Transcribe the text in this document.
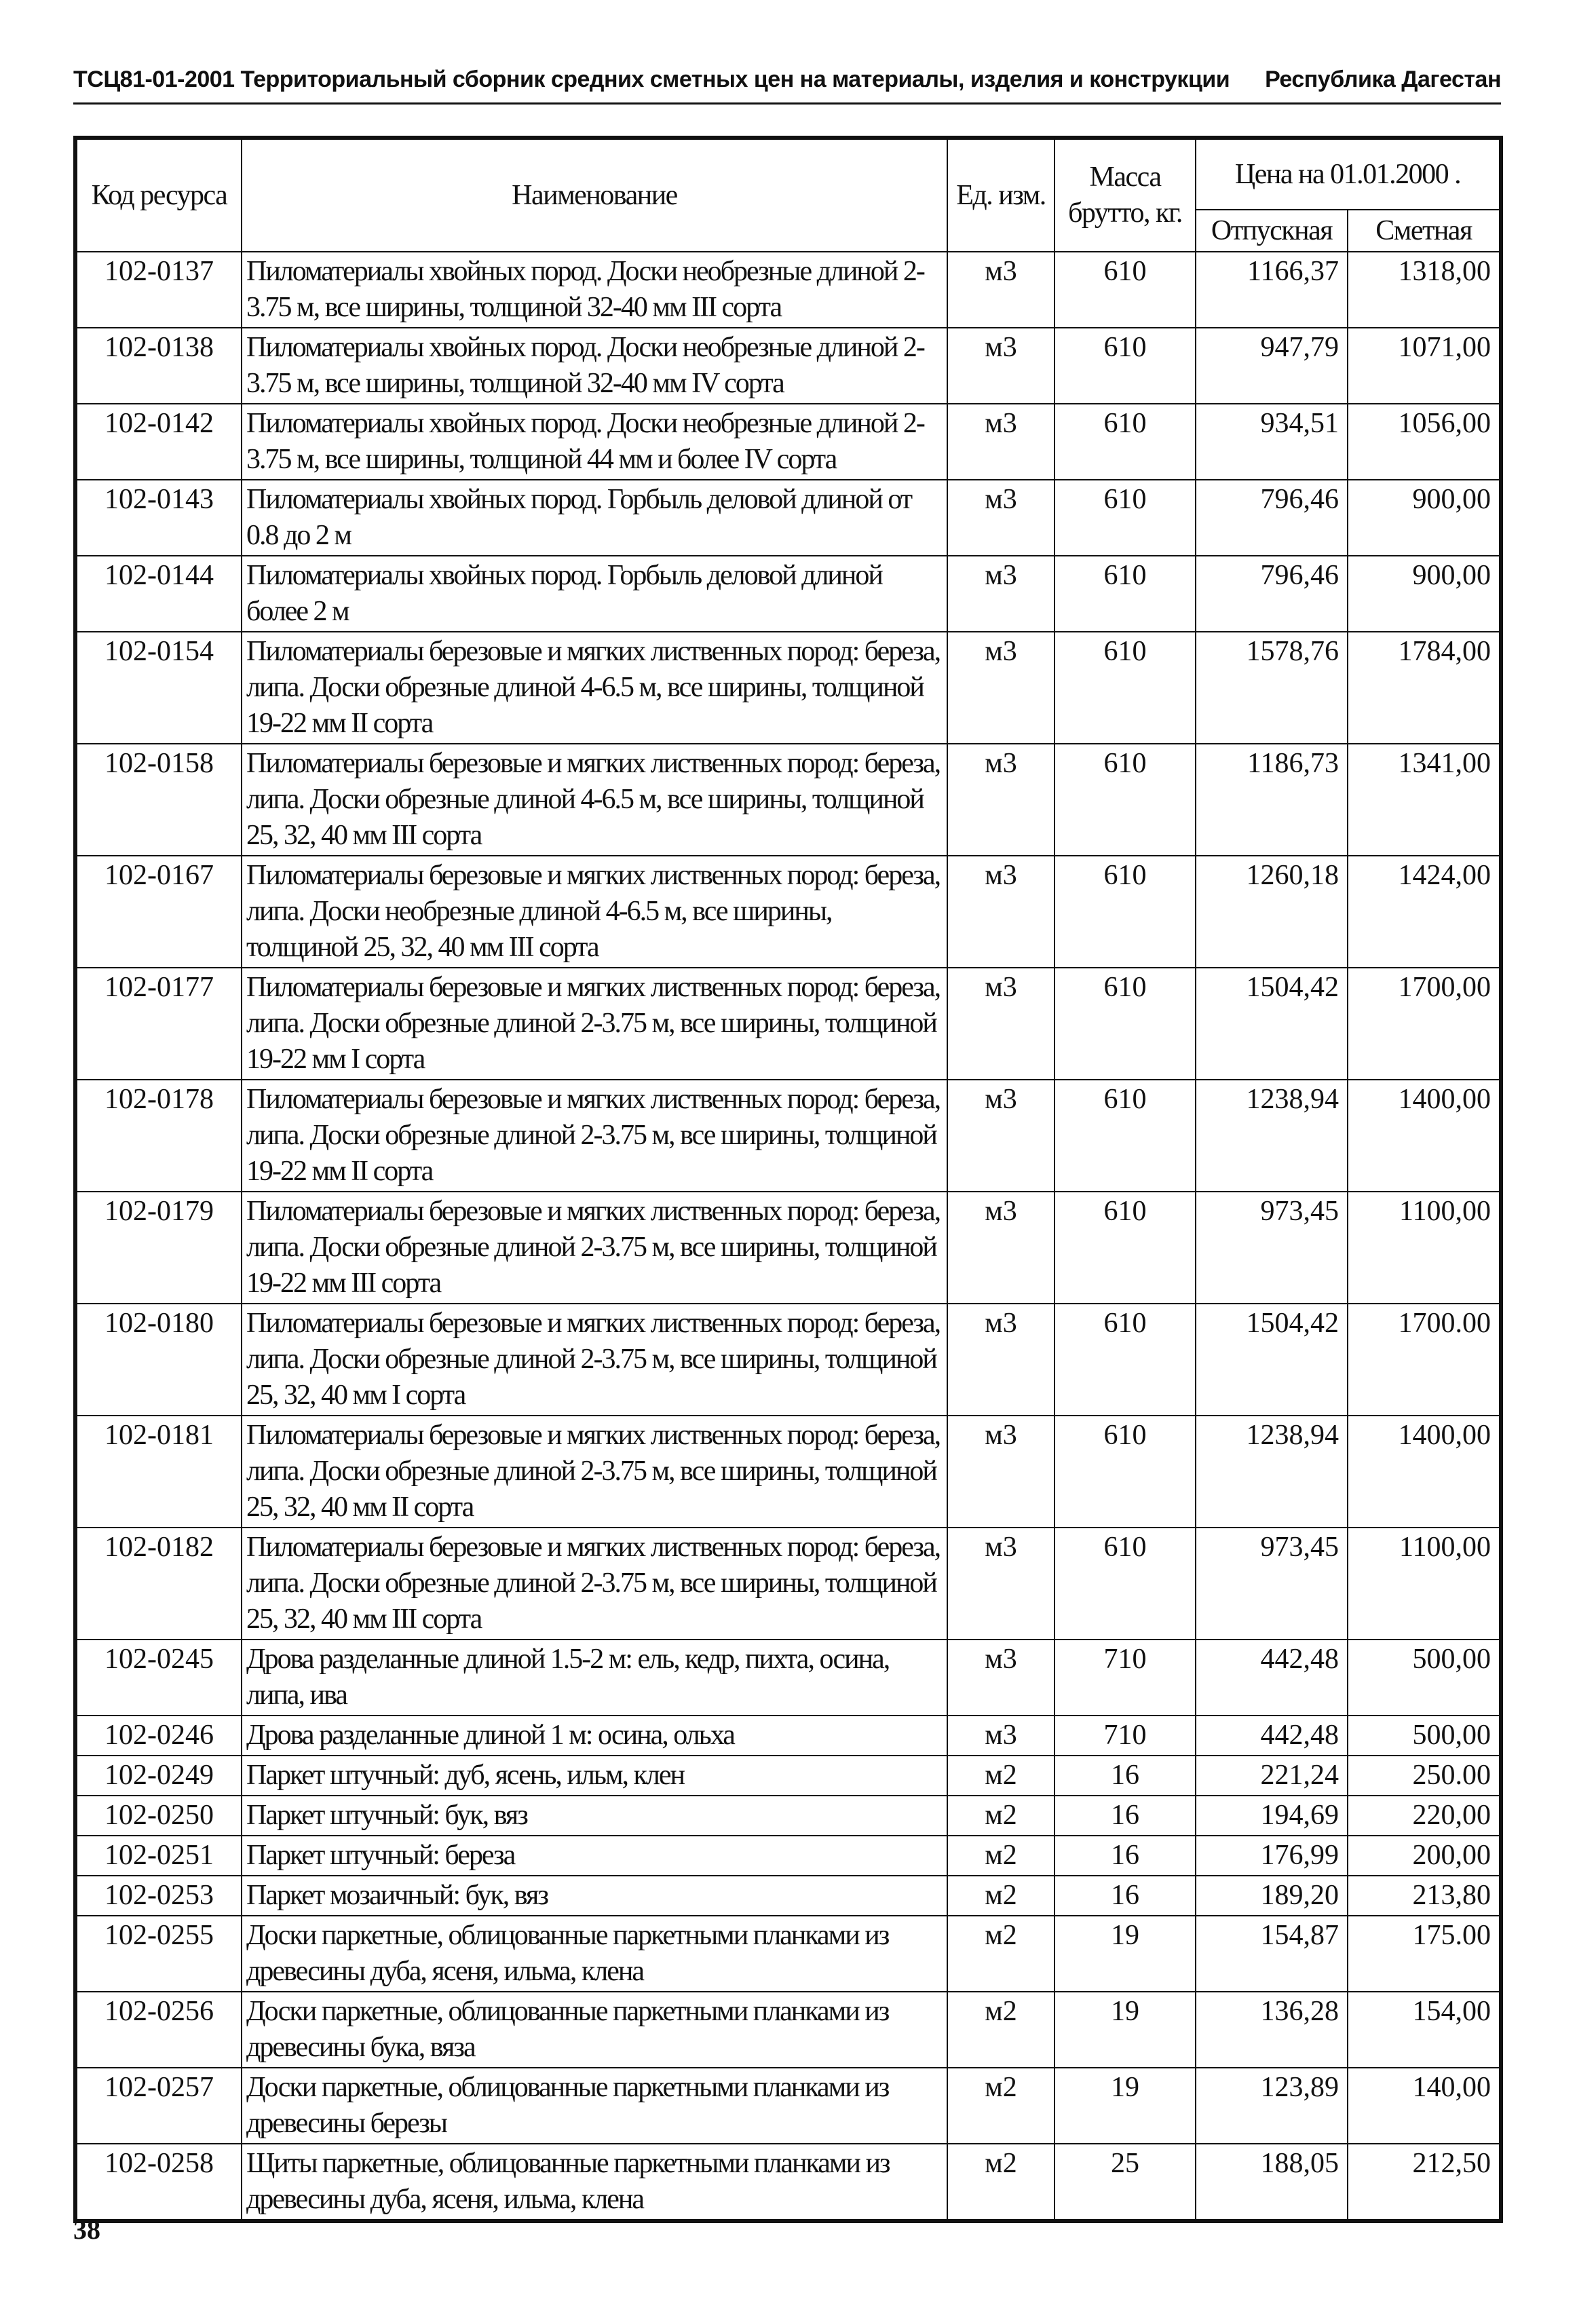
ТСЦ81-01-2001 Территориальный сборник средних сметных цен на материалы, изделия и конструкции Республика Дагестан
Код ресурса	Наименование	Ед. изм.	Масса брутто, кг.	Цена на 01.01.2000 .	
				Отпускная	Сметная
102-0137	Пиломатериалы хвойных пород. Доски необрезные длиной 2-3.75 м, все ширины, толщиной 32-40 мм III сорта	м3	610	1166,37	1318,00
102-0138	Пиломатериалы хвойных пород. Доски необрезные длиной 2-3.75 м, все ширины, толщиной 32-40 мм IV сорта	м3	610	947,79	1071,00
102-0142	Пиломатериалы хвойных пород. Доски необрезные длиной 2-3.75 м, все ширины, толщиной 44 мм и более IV сорта	м3	610	934,51	1056,00
102-0143	Пиломатериалы хвойных пород. Горбыль деловой длиной от 0.8 до 2 м	м3	610	796,46	900,00
102-0144	Пиломатериалы хвойных пород. Горбыль деловой длиной более 2 м	м3	610	796,46	900,00
102-0154	Пиломатериалы березовые и мягких лиственных пород: береза, липа. Доски обрезные длиной 4-6.5 м, все ширины, толщиной 19-22 мм II сорта	м3	610	1578,76	1784,00
102-0158	Пиломатериалы березовые и мягких лиственных пород: береза, липа. Доски обрезные длиной 4-6.5 м, все ширины, толщиной 25, 32, 40 мм III сорта	м3	610	1186,73	1341,00
102-0167	Пиломатериалы березовые и мягких лиственных пород: береза, липа. Доски необрезные длиной 4-6.5 м, все ширины, толщиной 25, 32, 40 мм III сорта	м3	610	1260,18	1424,00
102-0177	Пиломатериалы березовые и мягких лиственных пород: береза, липа. Доски обрезные длиной 2-3.75 м, все ширины, толщиной 19-22 мм I сорта	м3	610	1504,42	1700,00
102-0178	Пиломатериалы березовые и мягких лиственных пород: береза, липа. Доски обрезные длиной 2-3.75 м, все ширины, толщиной 19-22 мм II сорта	м3	610	1238,94	1400,00
102-0179	Пиломатериалы березовые и мягких лиственных пород: береза, липа. Доски обрезные длиной 2-3.75 м, все ширины, толщиной 19-22 мм III сорта	м3	610	973,45	1100,00
102-0180	Пиломатериалы березовые и мягких лиственных пород: береза, липа. Доски обрезные длиной 2-3.75 м, все ширины, толщиной 25, 32, 40 мм I сорта	м3	610	1504,42	1700.00
102-0181	Пиломатериалы березовые и мягких лиственных пород: береза, липа. Доски обрезные длиной 2-3.75 м, все ширины, толщиной 25, 32, 40 мм II сорта	м3	610	1238,94	1400,00
102-0182	Пиломатериалы березовые и мягких лиственных пород: береза, липа. Доски обрезные длиной 2-3.75 м, все ширины, толщиной 25, 32, 40 мм III сорта	м3	610	973,45	1100,00
102-0245	Дрова разделанные длиной 1.5-2 м: ель, кедр, пихта, осина, липа, ива	м3	710	442,48	500,00
102-0246	Дрова разделанные длиной 1 м: осина, ольха	м3	710	442,48	500,00
102-0249	Паркет штучный: дуб, ясень, ильм, клен	м2	16	221,24	250.00
102-0250	Паркет штучный: бук, вяз	м2	16	194,69	220,00
102-0251	Паркет штучный: береза	м2	16	176,99	200,00
102-0253	Паркет мозаичный: бук, вяз	м2	16	189,20	213,80
102-0255	Доски паркетные, облицованные паркетными планками из древесины дуба, ясеня, ильма, клена	м2	19	154,87	175.00
102-0256	Доски паркетные, облицованные паркетными планками из древесины бука, вяза	м2	19	136,28	154,00
102-0257	Доски паркетные, облицованные паркетными планками из древесины березы	м2	19	123,89	140,00
102-0258	Щиты паркетные, облицованные паркетными планками из древесины дуба, ясеня, ильма, клена	м2	25	188,05	212,50
38
